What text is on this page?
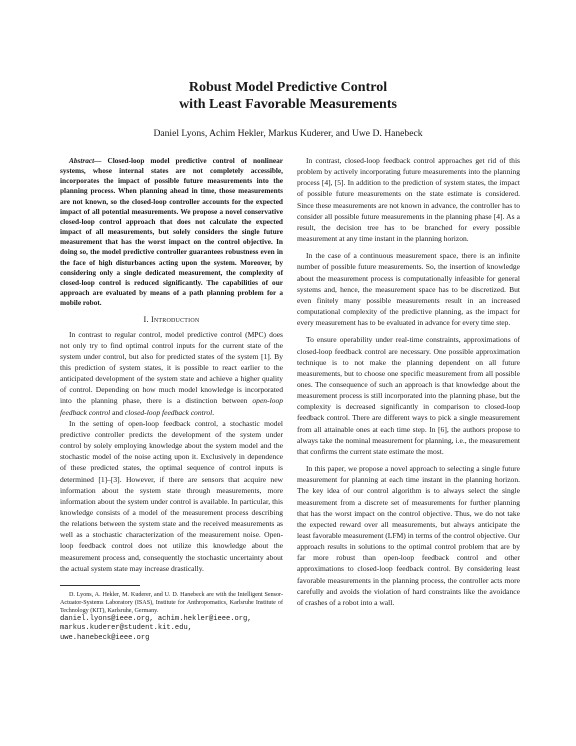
Robust Model Predictive Control
with Least Favorable Measurements
Daniel Lyons, Achim Hekler, Markus Kuderer, and Uwe D. Hanebeck

Abstract— Closed-loop model predictive control of nonlinear systems, whose internal states are not completely accessible, incorporates the impact of possible future measurements into the planning process. When planning ahead in time, those measurements are not known, so the closed-loop controller accounts for the expected impact of all potential measurements. We propose a novel conservative closed-loop control approach that does not calculate the expected impact of all measurements, but solely considers the single future measurement that has the worst impact on the control objective. In doing so, the model predictive controller guarantees robustness even in the face of high disturbances acting upon the system. Moreover, by considering only a single dedicated measurement, the complexity of closed-loop control is reduced significantly. The capabilities of our approach are evaluated by means of a path planning problem for a mobile robot.

I. Introduction

In contrast to regular control, model predictive control (MPC) does not only try to find optimal control inputs for the current state of the system under control, but also for predicted states of the system [1]. By this prediction of system states, it is possible to react earlier to the anticipated development of the system state and achieve a higher quality of control. Depending on how much model knowledge is incorporated into the planning phase, there is a distinction between open-loop feedback control and closed-loop feedback control.

In the setting of open-loop feedback control, a stochastic model predictive controller predicts the development of the system under control by solely employing knowledge about the system model and the stochastic model of the noise acting upon it. Exclusively in dependence of these predicted states, the optimal sequence of control inputs is determined [1]–[3]. However, if there are sensors that acquire new information about the system state through measurements, more information about the system under control is available. In particular, this knowledge consists of a model of the measurement process describing the relations between the system state and the received measurements as well as a stochastic characterization of the measurement noise. Open-loop feedback control does not utilize this knowledge about the measurement process and, consequently the stochastic uncertainty about the actual system state may increase drastically.

D. Lyons, A. Hekler, M. Kuderer, and U. D. Hanebeck are with the Intelligent Sensor-Actuator-Systems Laboratory (ISAS), Institute for Anthropomatics, Karlsruhe Institute of Technology (KIT), Karlsruhe, Germany.

daniel.lyons@ieee.org, achim.hekler@ieee.org,
markus.kuderer@student.kit.edu,
uwe.hanebeck@ieee.org

In contrast, closed-loop feedback control approaches get rid of this problem by actively incorporating future measurements into the planning process [4], [5]. In addition to the prediction of system states, the impact of possible future measurements on the state estimate is considered. Since these measurements are not known in advance, the controller has to consider all possible future measurements in the planning phase [4]. As a result, the decision tree has to be branched for every possible measurement at any time instant in the planning horizon.

In the case of a continuous measurement space, there is an infinite number of possible future measurements. So, the insertion of knowledge about the measurement process is computationally infeasible for general systems and, hence, the measurement space has to be discretized. But even finitely many possible measurements result in an increased computational complexity of the predictive planning, as the impact for every measurement has to be evaluated in advance for every time step.

To ensure operability under real-time constraints, approximations of closed-loop feedback control are necessary. One possible approximation technique is to not make the planning dependent on all future measurements, but to choose one specific measurement from all possible ones. The consequence of such an approach is that knowledge about the measurement process is still incorporated into the planning phase, but the complexity is decreased significantly in comparison to closed-loop feedback control. There are different ways to pick a single measurement from all attainable ones at each time step. In [6], the authors propose to always take the nominal measurement for planning, i.e., the measurement that confirms the current state estimate the most.

In this paper, we propose a novel approach to selecting a single future measurement for planning at each time instant in the planning horizon. The key idea of our control algorithm is to always select the single measurement from a discrete set of measurements for further planning that has the worst impact on the control objective. Thus, we do not take the expected reward over all measurements, but always anticipate the least favorable measurement (LFM) in terms of the control objective. Our approach results in solutions to the optimal control problem that are by far more robust than open-loop feedback control and other approximations to closed-loop feedback control. By considering least favorable measurements in the planning process, the controller acts more carefully and avoids the violation of hard constraints like the avoidance of crashes of a robot into a wall.
